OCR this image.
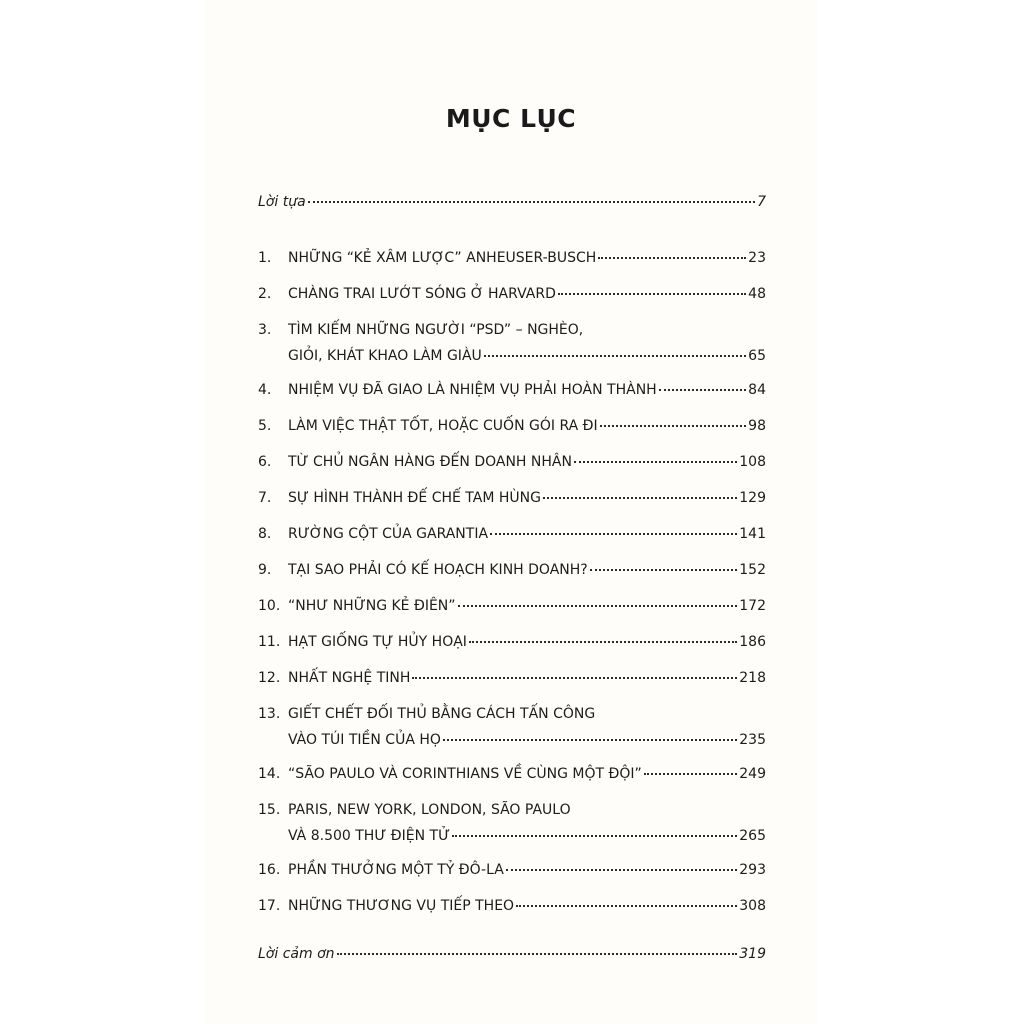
MỤC LỤC
Lời tựa	7
1.	NHỮNG “KẺ XÂM LƯỢC” ANHEUSER-BUSCH	23
2.	CHÀNG TRAI LƯỚT SÓNG Ở HARVARD	48
3.	TÌM KIẾM NHỮNG NGƯỜI “PSD” – NGHÈO,
GIỎI, KHÁT KHAO LÀM GIÀU	65
4.	NHIỆM VỤ ĐÃ GIAO LÀ NHIỆM VỤ PHẢI HOÀN THÀNH	84
5.	LÀM VIỆC THẬT TỐT, HOẶC CUỐN GÓI RA ĐI	98
6.	TỪ CHỦ NGÂN HÀNG ĐẾN DOANH NHÂN	108
7.	SỰ HÌNH THÀNH ĐẾ CHẾ TAM HÙNG	129
8.	RƯỜNG CỘT CỦA GARANTIA	141
9.	TẠI SAO PHẢI CÓ KẾ HOẠCH KINH DOANH?	152
10. “NHƯ NHỮNG KẺ ĐIÊN”	172
11. HẠT GIỐNG TỰ HỦY HOẠI	186
12. NHẤT NGHỆ TINH	218
13. GIẾT CHẾT ĐỐI THỦ BẰNG CÁCH TẤN CÔNG
VÀO TÚI TIỀN CỦA HỌ	235
14. “SÃO PAULO VÀ CORINTHIANS VỀ CÙNG MỘT ĐỘI”	249
15. PARIS, NEW YORK, LONDON, SÃO PAULO
VÀ 8.500 THƯ ĐIỆN TỬ	265
16. PHẦN THƯỞNG MỘT TỶ ĐÔ-LA	293
17. NHỮNG THƯƠNG VỤ TIẾP THEO	308
Lời cảm ơn	319
